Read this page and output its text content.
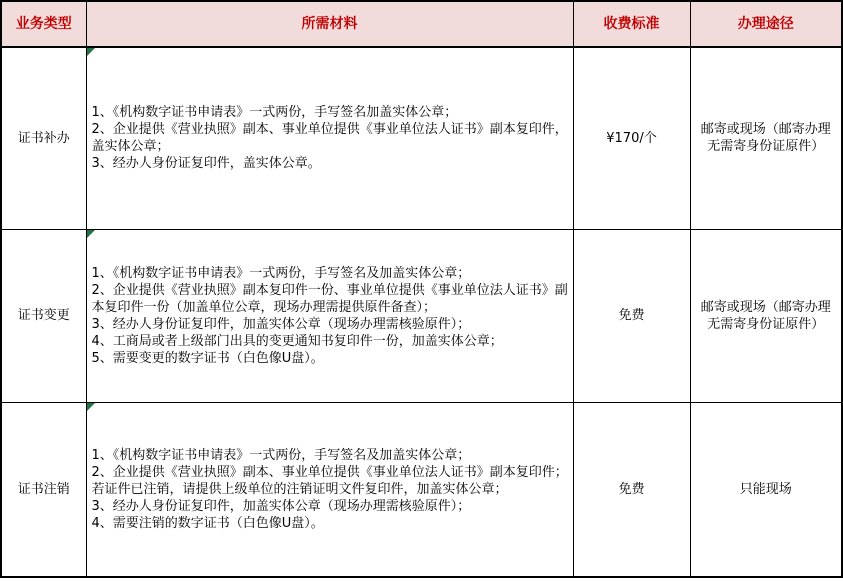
业务类型	所需材料	收费标准	办理途径
证书补办	1、《机构数字证书申请表》一式两份，手写签名加盖实体公章；
2、企业提供《营业执照》副本、事业单位提供《事业单位法人证书》副本复印件，盖实体公章；
3、经办人身份证复印件，盖实体公章。	¥170/个	邮寄或现场（邮寄办理无需寄身份证原件）
证书变更	1、《机构数字证书申请表》一式两份，手写签名及加盖实体公章；
2、企业提供《营业执照》副本复印件一份、事业单位提供《事业单位法人证书》副本复印件一份（加盖单位公章，现场办理需提供原件备查）；
3、经办人身份证复印件，加盖实体公章（现场办理需核验原件）；
4、工商局或者上级部门出具的变更通知书复印件一份，加盖实体公章；
5、需要变更的数字证书（白色像U盘）。	免费	邮寄或现场（邮寄办理无需寄身份证原件）
证书注销	1、《机构数字证书申请表》一式两份，手写签名及加盖实体公章；
2、企业提供《营业执照》副本、事业单位提供《事业单位法人证书》副本复印件；若证件已注销，请提供上级单位的注销证明文件复印件，加盖实体公章；
3、经办人身份证复印件，加盖实体公章（现场办理需核验原件）；
4、需要注销的数字证书（白色像U盘）。	免费	只能现场
